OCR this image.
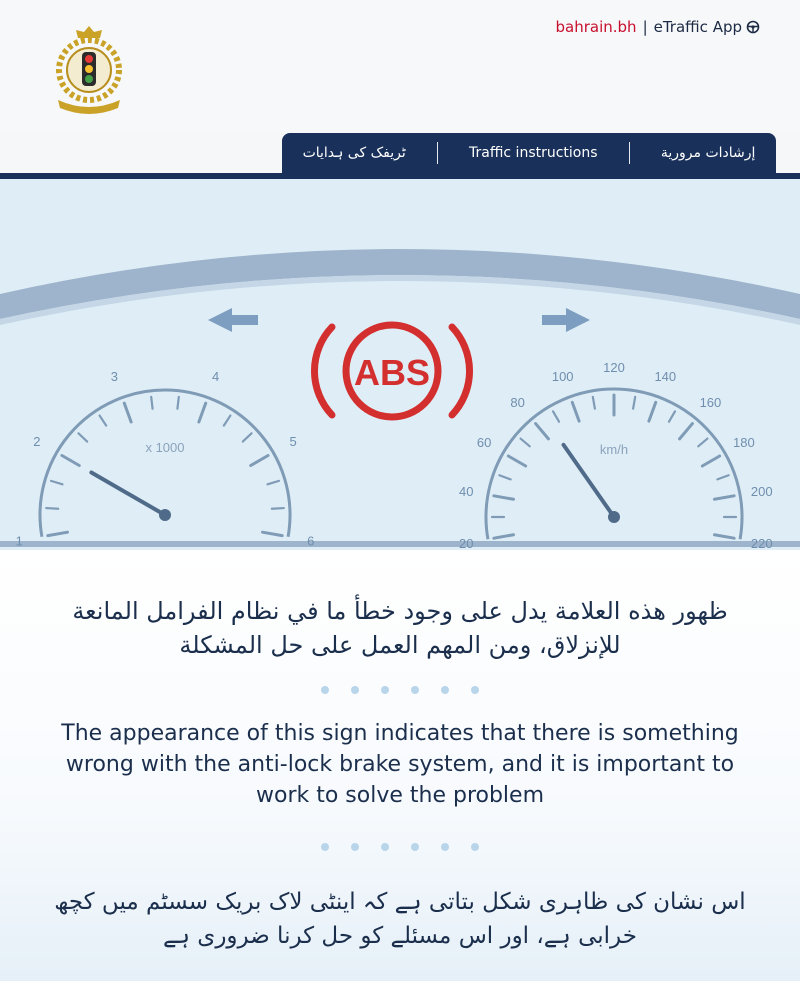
bahrain.bh | eTraffic App
ٹریفک کی ہدایات	Traffic instructions	إرشادات مرورية
ABS
1
2
3	4
5
6
x 1000
20
40
60
80
100
120
140
160
180
200
220
km/h
ظهور هذه العلامة يدل على وجود خطأ ما في نظام الفرامل المانعة للإنزلاق، ومن المهم العمل على حل المشكلة
The appearance of this sign indicates that there is something wrong with the anti-lock brake system, and it is important to work to solve the problem
اس نشان کی ظاہری شکل بتاتی ہے کہ اینٹی لاک بریک سسٹم میں کچھ خرابی ہے، اور اس مسئلے کو حل کرنا ضروری ہے
